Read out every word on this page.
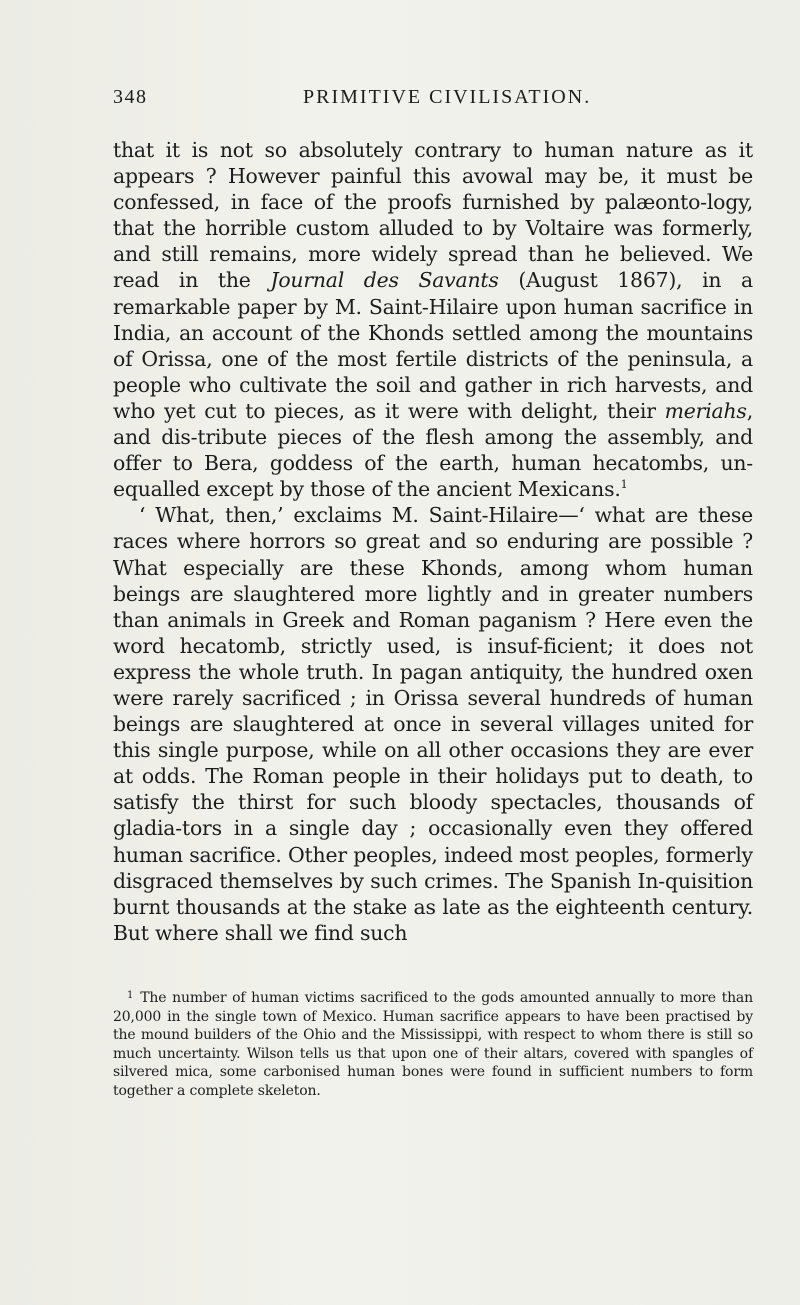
348	PRIMITIVE CIVILISATION.

that it is not so absolutely contrary to human nature as it appears ? However painful this avowal may be, it must be confessed, in face of the proofs furnished by palæonto-logy, that the horrible custom alluded to by Voltaire was formerly, and still remains, more widely spread than he believed. We read in the Journal des Savants (August 1867), in a remarkable paper by M. Saint-Hilaire upon human sacrifice in India, an account of the Khonds settled among the mountains of Orissa, one of the most fertile districts of the peninsula, a people who cultivate the soil and gather in rich harvests, and who yet cut to pieces, as it were with delight, their meriahs, and dis-tribute pieces of the flesh among the assembly, and offer to Bera, goddess of the earth, human hecatombs, un-equalled except by those of the ancient Mexicans.$^1$

‘ What, then,’ exclaims M. Saint-Hilaire—‘ what are these races where horrors so great and so enduring are possible ? What especially are these Khonds, among whom human beings are slaughtered more lightly and in greater numbers than animals in Greek and Roman paganism ? Here even the word hecatomb, strictly used, is insuf-ficient; it does not express the whole truth. In pagan antiquity, the hundred oxen were rarely sacrificed ; in Orissa several hundreds of human beings are slaughtered at once in several villages united for this single purpose, while on all other occasions they are ever at odds. The Roman people in their holidays put to death, to satisfy the thirst for such bloody spectacles, thousands of gladia-tors in a single day ; occasionally even they offered human sacrifice. Other peoples, indeed most peoples, formerly disgraced themselves by such crimes. The Spanish In-quisition burnt thousands at the stake as late as the eighteenth century. But where shall we find such

$^1$ The number of human victims sacrificed to the gods amounted annually to more than 20,000 in the single town of Mexico. Human sacrifice appears to have been practised by the mound builders of the Ohio and the Mississippi, with respect to whom there is still so much uncertainty. Wilson tells us that upon one of their altars, covered with spangles of silvered mica, some carbonised human bones were found in sufficient numbers to form together a complete skeleton.
